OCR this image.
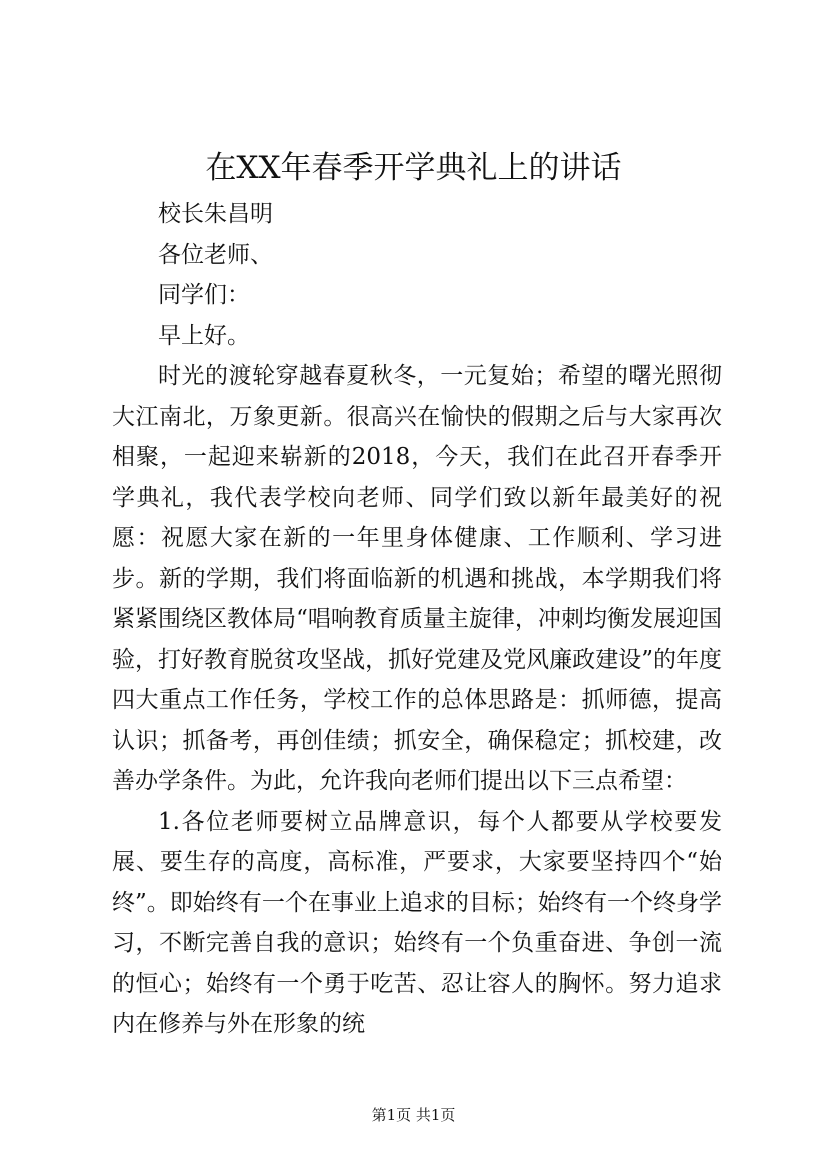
在XX年春季开学典礼上的讲话

校长朱昌明

各位老师、

同学们：

早上好。

时光的渡轮穿越春夏秋冬，一元复始；希望的曙光照彻大江南北，万象更新。很高兴在愉快的假期之后与大家再次相聚，一起迎来崭新的2018，今天，我们在此召开春季开学典礼，我代表学校向老师、同学们致以新年最美好的祝愿：祝愿大家在新的一年里身体健康、工作顺利、学习进步。新的学期，我们将面临新的机遇和挑战，本学期我们将紧紧围绕区教体局“唱响教育质量主旋律，冲刺均衡发展迎国验，打好教育脱贫攻坚战，抓好党建及党风廉政建设”的年度四大重点工作任务，学校工作的总体思路是：抓师德，提高认识；抓备考，再创佳绩；抓安全，确保稳定；抓校建，改善办学条件。为此，允许我向老师们提出以下三点希望：

1.各位老师要树立品牌意识，每个人都要从学校要发展、要生存的高度，高标准，严要求，大家要坚持四个“始终”。即始终有一个在事业上追求的目标；始终有一个终身学习，不断完善自我的意识；始终有一个负重奋进、争创一流的恒心；始终有一个勇于吃苦、忍让容人的胸怀。努力追求内在修养与外在形象的统

第1页 共1页
